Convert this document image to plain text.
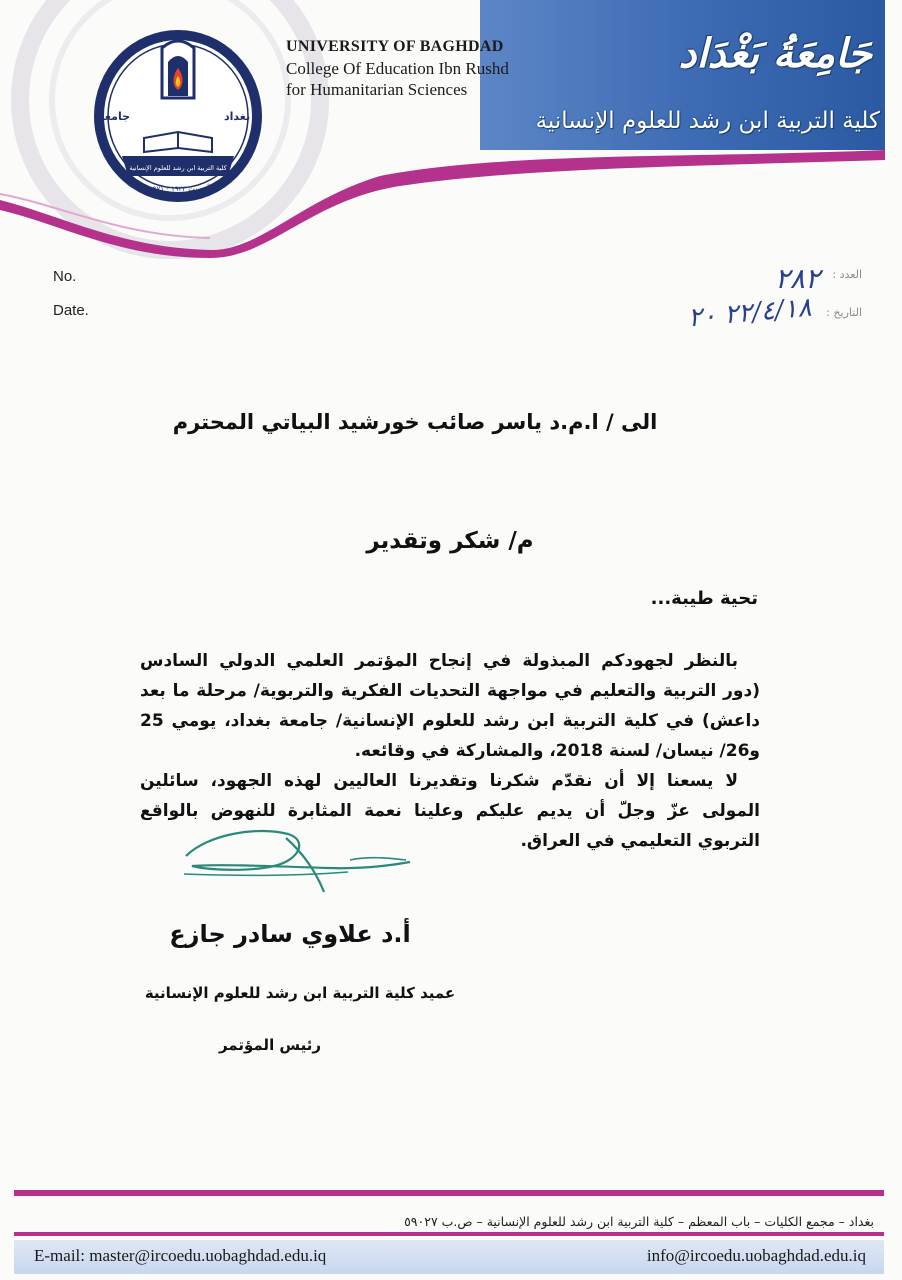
جامعة	بغداد
كلية التربية ابن رشد للعلوم الإنسانية
تأسست ١٩٢٣ - ١٩٧١م

UNIVERSITY OF BAGHDAD

College Of Education Ibn Rushd

for Humanitarian Sciences

جَامِعَةُ بَغْدَاد
كلية التربية ابن رشد للعلوم الإنسانية
No.
Date.
العدد :
التاريخ :
٢٨٢
٢٢/٤/١٨ ٢٠
الى / ا.م.د ياسر صائب خورشيد البياتي المحترم
م/ شكر وتقدير
تحية طيبة...

بالنظر لجهودكم المبذولة في إنجاح المؤتمر العلمي الدولي السادس (دور التربية والتعليم في مواجهة التحديات الفكرية والتربوية/ مرحلة ما بعد داعش) في كلية التربية ابن رشد للعلوم الإنسانية/ جامعة بغداد، يومي 25 و26/ نيسان/ لسنة 2018، والمشاركة في وقائعه.

لا يسعنا إلا أن نقدّم شكرنا وتقديرنا العاليين لهذه الجهود، سائلين المولى عزّ وجلّ أن يديم عليكم وعلينا نعمة المثابرة للنهوض بالواقع التربوي التعليمي في العراق.

أ.د علاوي سادر جازع
عميد كلية التربية ابن رشد للعلوم الإنسانية
رئيس المؤتمر
بغداد – مجمع الكليات – باب المعظم – كلية التربية ابن رشد للعلوم الإنسانية – ص.ب ٥٩٠٢٧
E-mail: master@ircoedu.uobaghdad.edu.iq	info@ircoedu.uobaghdad.edu.iq
